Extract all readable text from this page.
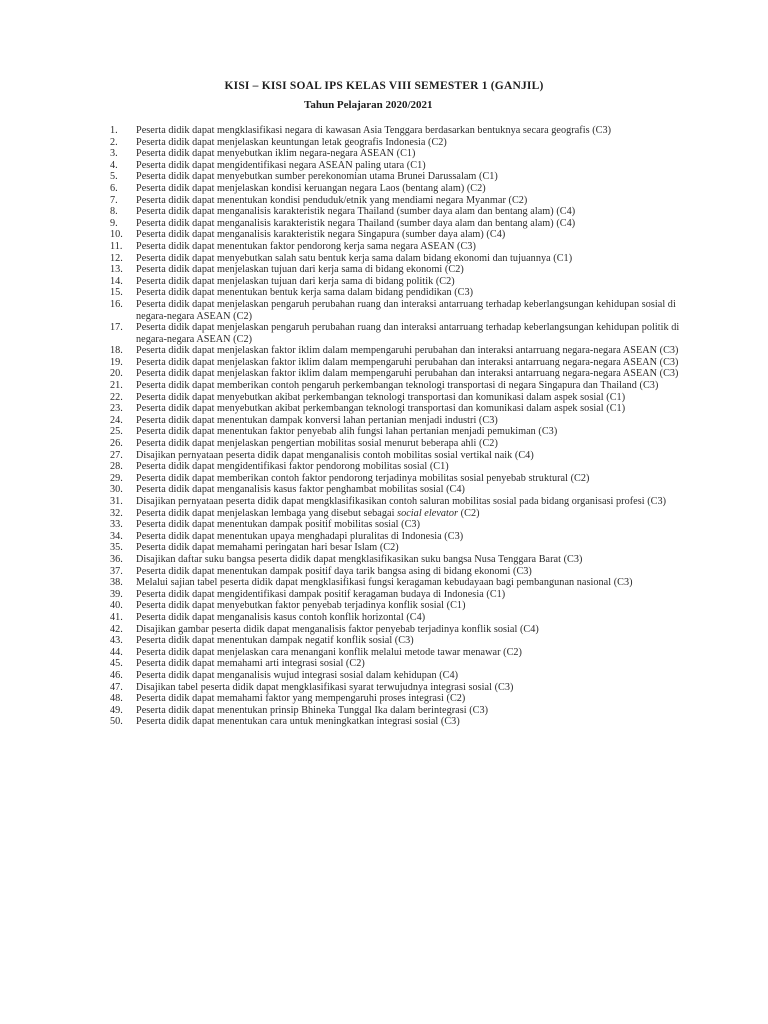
KISI – KISI SOAL IPS KELAS VIII SEMESTER 1 (GANJIL)
Tahun Pelajaran 2020/2021
1.	Peserta didik dapat mengklasifikasi negara di kawasan Asia Tenggara berdasarkan bentuknya secara geografis (C3)
2.	Peserta didik dapat menjelaskan keuntungan letak geografis Indonesia (C2)
3.	Peserta didik dapat menyebutkan iklim negara-negara ASEAN (C1)
4.	Peserta didik dapat mengidentifikasi negara ASEAN paling utara (C1)
5.	Peserta didik dapat menyebutkan sumber perekonomian utama Brunei Darussalam (C1)
6.	Peserta didik dapat menjelaskan kondisi keruangan negara Laos (bentang alam) (C2)
7.	Peserta didik dapat menentukan kondisi penduduk/etnik yang mendiami negara Myanmar (C2)
8.	Peserta didik dapat menganalisis karakteristik negara Thailand (sumber daya alam dan bentang alam) (C4)
9.	Peserta didik dapat menganalisis karakteristik negara Thailand (sumber daya alam dan bentang alam) (C4)
10.	Peserta didik dapat menganalisis karakteristik negara Singapura (sumber daya alam) (C4)
11.	Peserta didik dapat menentukan faktor pendorong kerja sama negara ASEAN (C3)
12.	Peserta didik dapat menyebutkan salah satu bentuk kerja sama dalam bidang ekonomi dan tujuannya (C1)
13.	Peserta didik dapat menjelaskan tujuan dari kerja sama di bidang ekonomi (C2)
14.	Peserta didik dapat menjelaskan tujuan dari kerja sama di bidang politik (C2)
15.	Peserta didik dapat menentukan bentuk kerja sama dalam bidang pendidikan (C3)
16.	Peserta didik dapat menjelaskan pengaruh perubahan ruang dan interaksi antarruang terhadap keberlangsungan kehidupan sosial di negara-negara ASEAN (C2)
17.	Peserta didik dapat menjelaskan pengaruh perubahan ruang dan interaksi antarruang terhadap keberlangsungan kehidupan politik di negara-negara ASEAN (C2)
18.	Peserta didik dapat menjelaskan faktor iklim dalam mempengaruhi perubahan dan interaksi antarruang negara-negara ASEAN (C3)
19.	Peserta didik dapat menjelaskan faktor iklim dalam mempengaruhi perubahan dan interaksi antarruang negara-negara ASEAN (C3)
20.	Peserta didik dapat menjelaskan faktor iklim dalam mempengaruhi perubahan dan interaksi antarruang negara-negara ASEAN (C3)
21.	Peserta didik dapat memberikan contoh pengaruh perkembangan teknologi transportasi di negara Singapura dan Thailand (C3)
22.	Peserta didik dapat menyebutkan akibat perkembangan teknologi transportasi dan komunikasi dalam aspek sosial (C1)
23.	Peserta didik dapat menyebutkan akibat perkembangan teknologi transportasi dan komunikasi dalam aspek sosial (C1)
24.	Peserta didik dapat menentukan dampak konversi lahan pertanian menjadi industri (C3)
25.	Peserta didik dapat menentukan faktor penyebab alih fungsi lahan pertanian menjadi pemukiman (C3)
26.	Peserta didik dapat menjelaskan pengertian mobilitas sosial menurut beberapa ahli (C2)
27.	Disajikan pernyataan peserta didik dapat menganalisis contoh mobilitas sosial vertikal naik (C4)
28.	Peserta didik dapat mengidentifikasi faktor pendorong mobilitas sosial (C1)
29.	Peserta didik dapat memberikan contoh faktor pendorong terjadinya mobilitas sosial penyebab struktural (C2)
30.	Peserta didik dapat menganalisis kasus faktor penghambat mobilitas sosial (C4)
31.	Disajikan pernyataan peserta didik dapat mengklasifikasikan contoh saluran mobilitas sosial pada bidang organisasi profesi (C3)
32.	Peserta didik dapat menjelaskan lembaga yang disebut sebagai social elevator (C2)
33.	Peserta didik dapat menentukan dampak positif mobilitas sosial (C3)
34.	Peserta didik dapat menentukan upaya menghadapi pluralitas di Indonesia (C3)
35.	Peserta didik dapat memahami peringatan hari besar Islam (C2)
36.	Disajikan daftar suku bangsa peserta didik dapat mengklasifikasikan suku bangsa Nusa Tenggara Barat (C3)
37.	Peserta didik dapat menentukan dampak positif daya tarik bangsa asing di bidang ekonomi (C3)
38.	Melalui sajian tabel peserta didik dapat mengklasifikasi fungsi keragaman kebudayaan bagi pembangunan nasional (C3)
39.	Peserta didik dapat mengidentifikasi dampak positif keragaman budaya di Indonesia (C1)
40.	Peserta didik dapat menyebutkan faktor penyebab terjadinya konflik sosial (C1)
41.	Peserta didik dapat menganalisis kasus contoh konflik horizontal (C4)
42.	Disajikan gambar peserta didik dapat menganalisis faktor penyebab terjadinya konflik sosial (C4)
43.	Peserta didik dapat menentukan dampak negatif konflik sosial (C3)
44.	Peserta didik dapat menjelaskan cara menangani konflik melalui metode tawar menawar (C2)
45.	Peserta didik dapat memahami arti integrasi sosial (C2)
46.	Peserta didik dapat menganalisis wujud integrasi sosial dalam kehidupan (C4)
47.	Disajikan tabel peserta didik dapat mengklasifikasi syarat terwujudnya integrasi sosial (C3)
48.	Peserta didik dapat memahami faktor yang mempengaruhi proses integrasi (C2)
49.	Peserta didik dapat menentukan prinsip Bhineka Tunggal Ika dalam berintegrasi (C3)
50.	Peserta didik dapat menentukan cara untuk meningkatkan integrasi sosial (C3)
